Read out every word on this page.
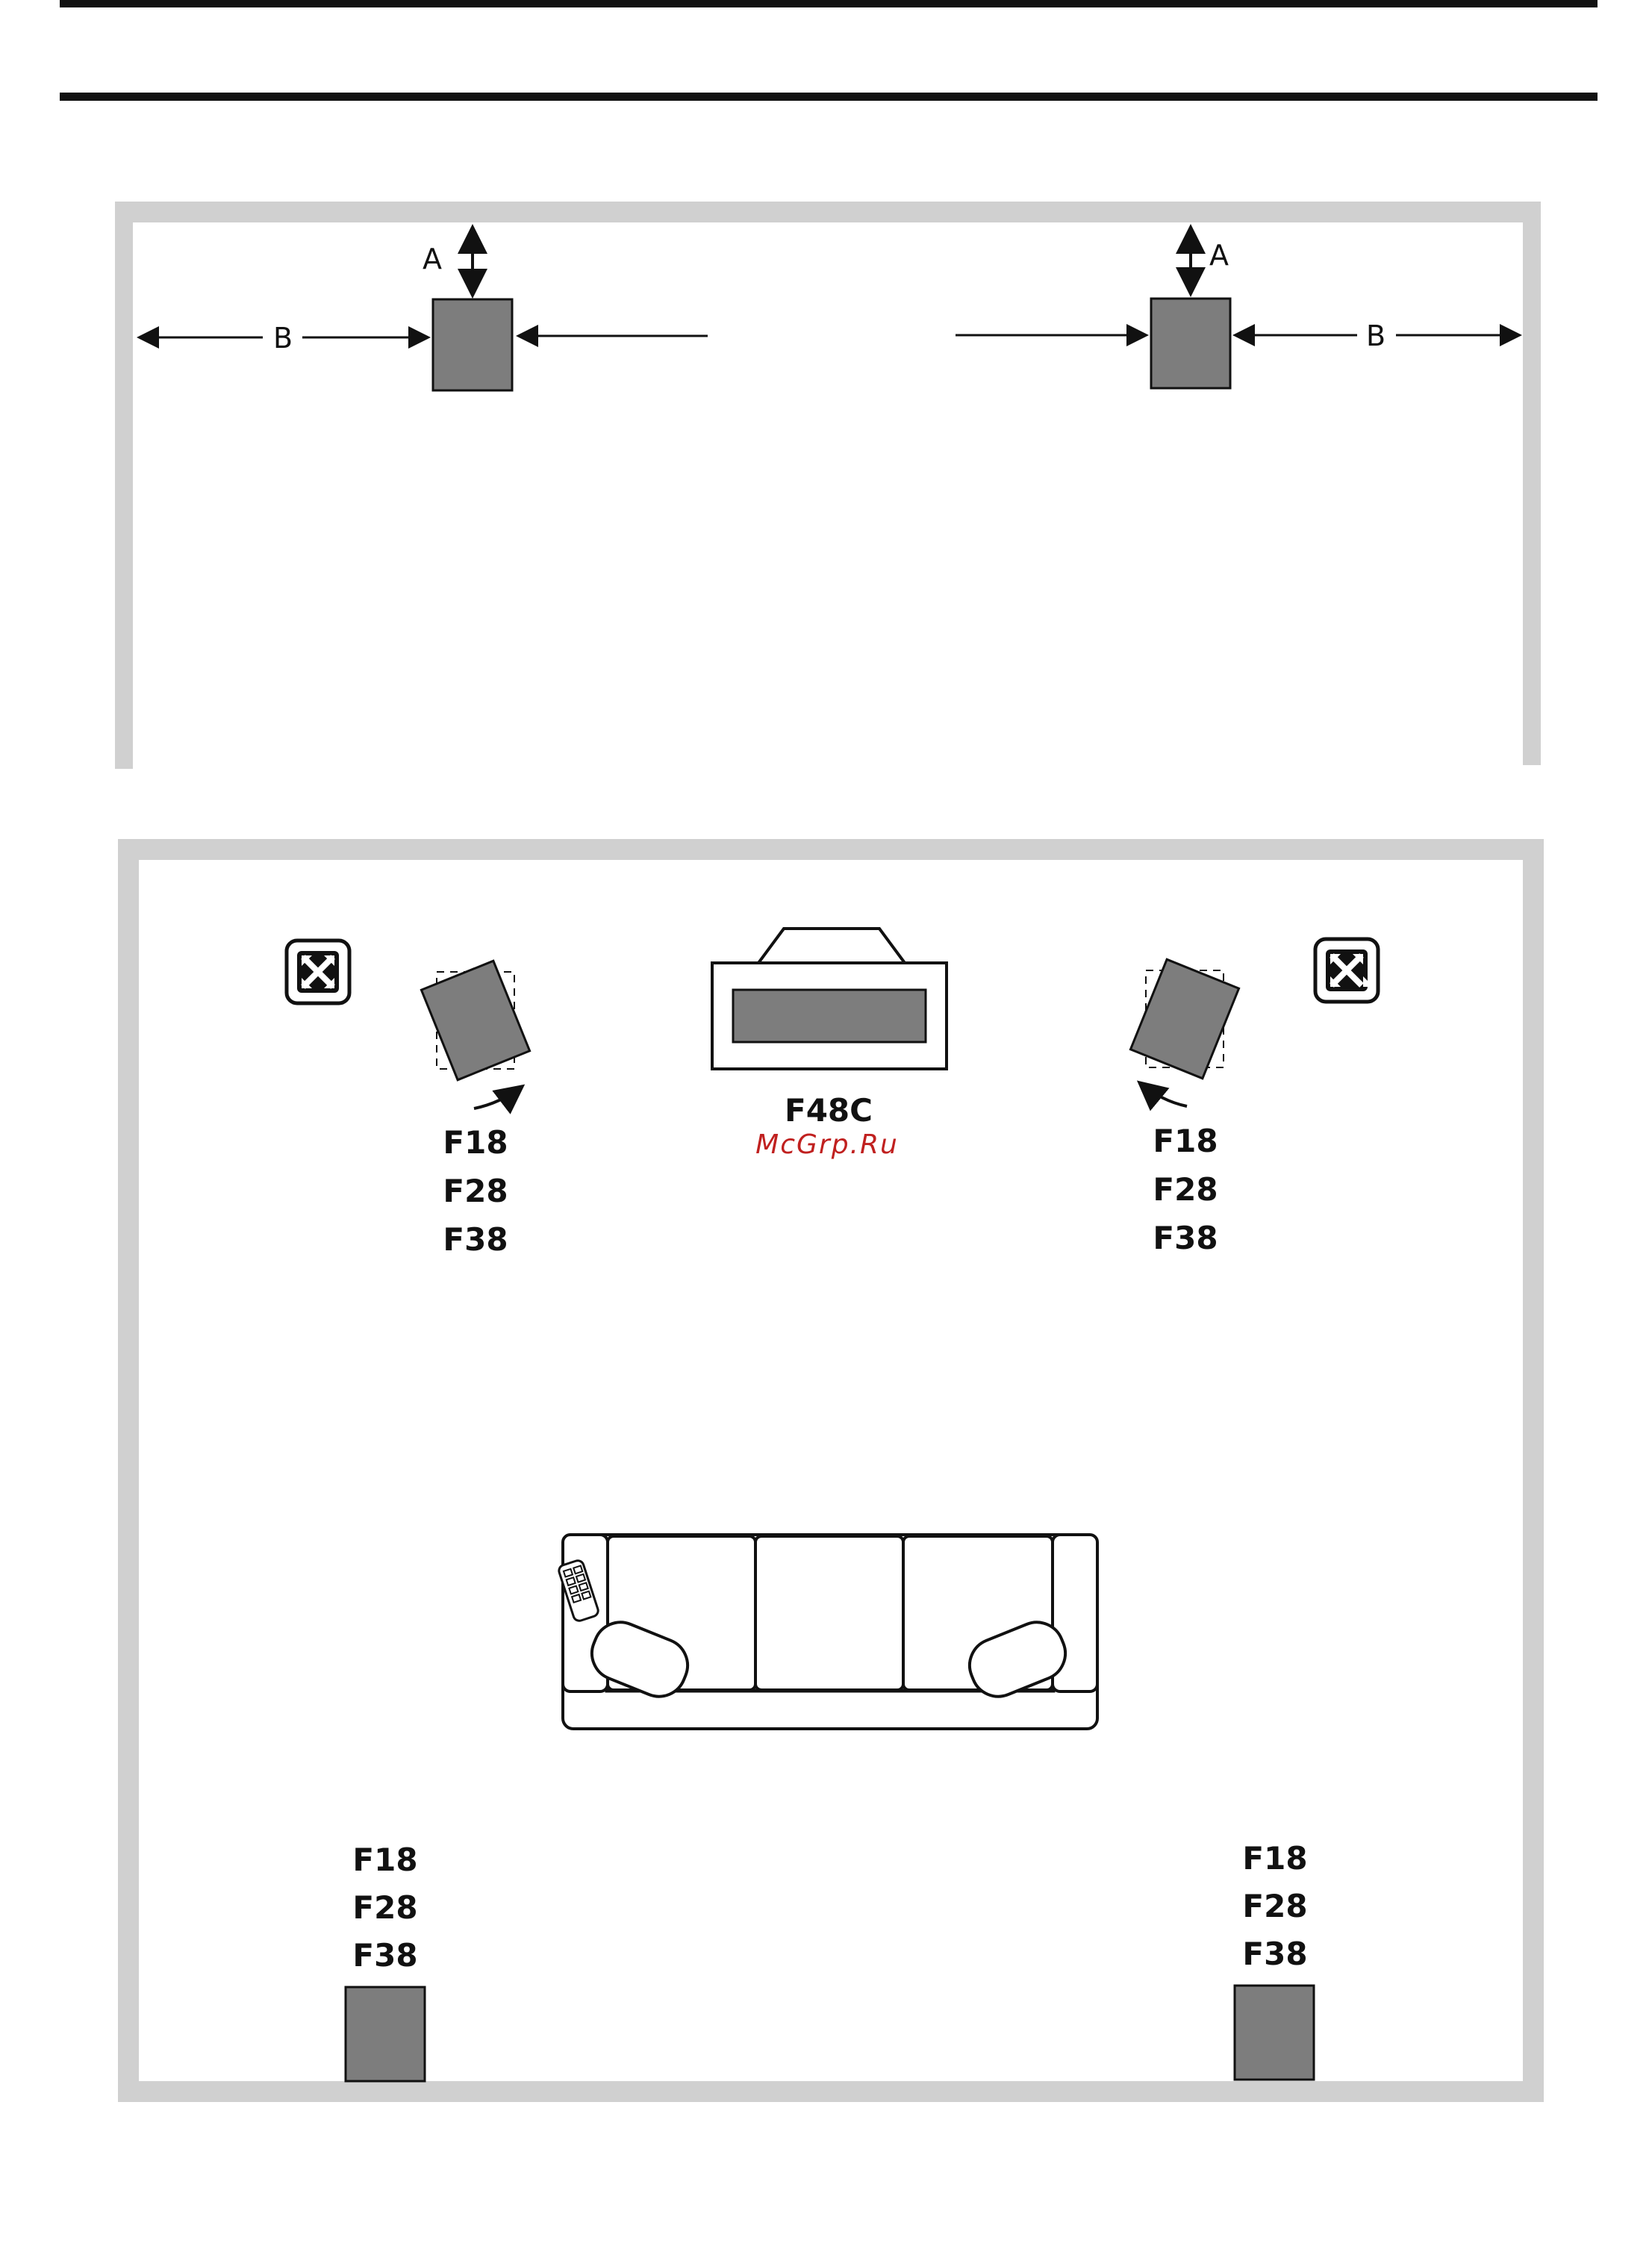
A	A
B	B
F48C
McGrp.Ru
F18
F28
F38
F18
F28
F38
F18
F28
F38
F18
F28
F38
